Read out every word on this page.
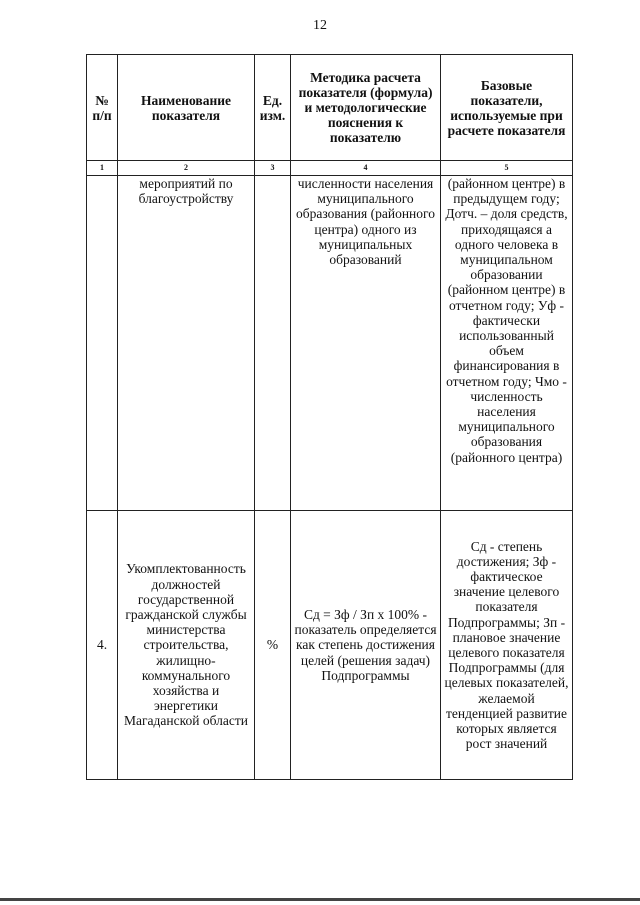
12
№ п/п	Наименование показателя	Ед. изм.	Методика расчета показателя (формула) и методологические пояснения к показателю	Базовые показатели, используемые при расчете показателя
1	2	3	4	5
	мероприятий по благоустройству		численности населения муниципального образования (районного центра) одного из муниципальных образований	(районном центре) в предыдущем году; Дотч. – доля средств, приходящаяся а одного человека в муниципальном образовании (районном центре) в отчетном году; Уф - фактически использованный объем финансирования в отчетном году; Чмо - численность населения муниципального образования (районного центра)
4.	Укомплектованность должностей государственной гражданской службы министерства строительства, жилищно-коммунального хозяйства и энергетики Магаданской области	%	Сд = Зф / Зп х 100% - показатель определяется как степень достижения целей (решения задач) Подпрограммы	Сд - степень достижения; Зф - фактическое значение целевого показателя Подпрограммы; Зп - плановое значение целевого показателя Подпрограммы (для целевых показателей, желаемой тенденцией развитие которых является рост значений
